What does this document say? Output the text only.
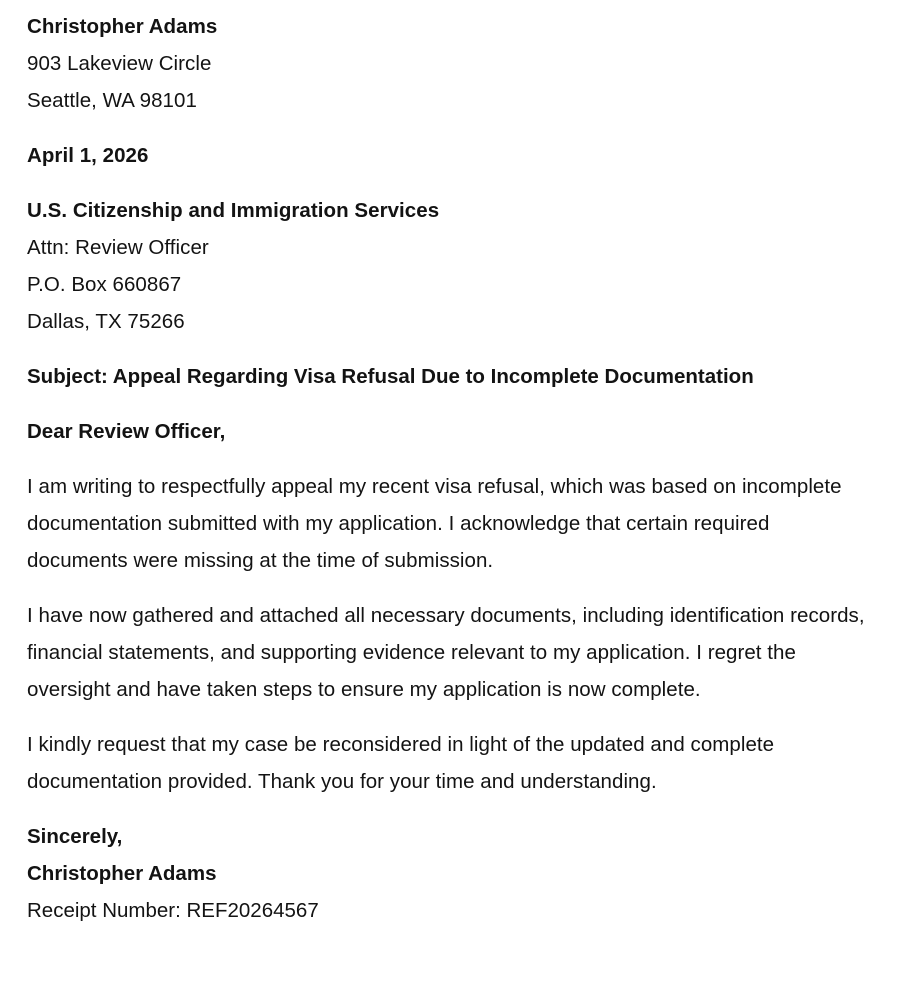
Christopher Adams
903 Lakeview Circle
Seattle, WA 98101
April 1, 2026
U.S. Citizenship and Immigration Services
Attn: Review Officer
P.O. Box 660867
Dallas, TX 75266
Subject: Appeal Regarding Visa Refusal Due to Incomplete Documentation
Dear Review Officer,

I am writing to respectfully appeal my recent visa refusal, which was based on incomplete documentation submitted with my application. I acknowledge that certain required documents were missing at the time of submission.

I have now gathered and attached all necessary documents, including identification records, financial statements, and supporting evidence relevant to my application. I regret the oversight and have taken steps to ensure my application is now complete.

I kindly request that my case be reconsidered in light of the updated and complete documentation provided. Thank you for your time and understanding.

Sincerely,
Christopher Adams
Receipt Number: REF20264567
